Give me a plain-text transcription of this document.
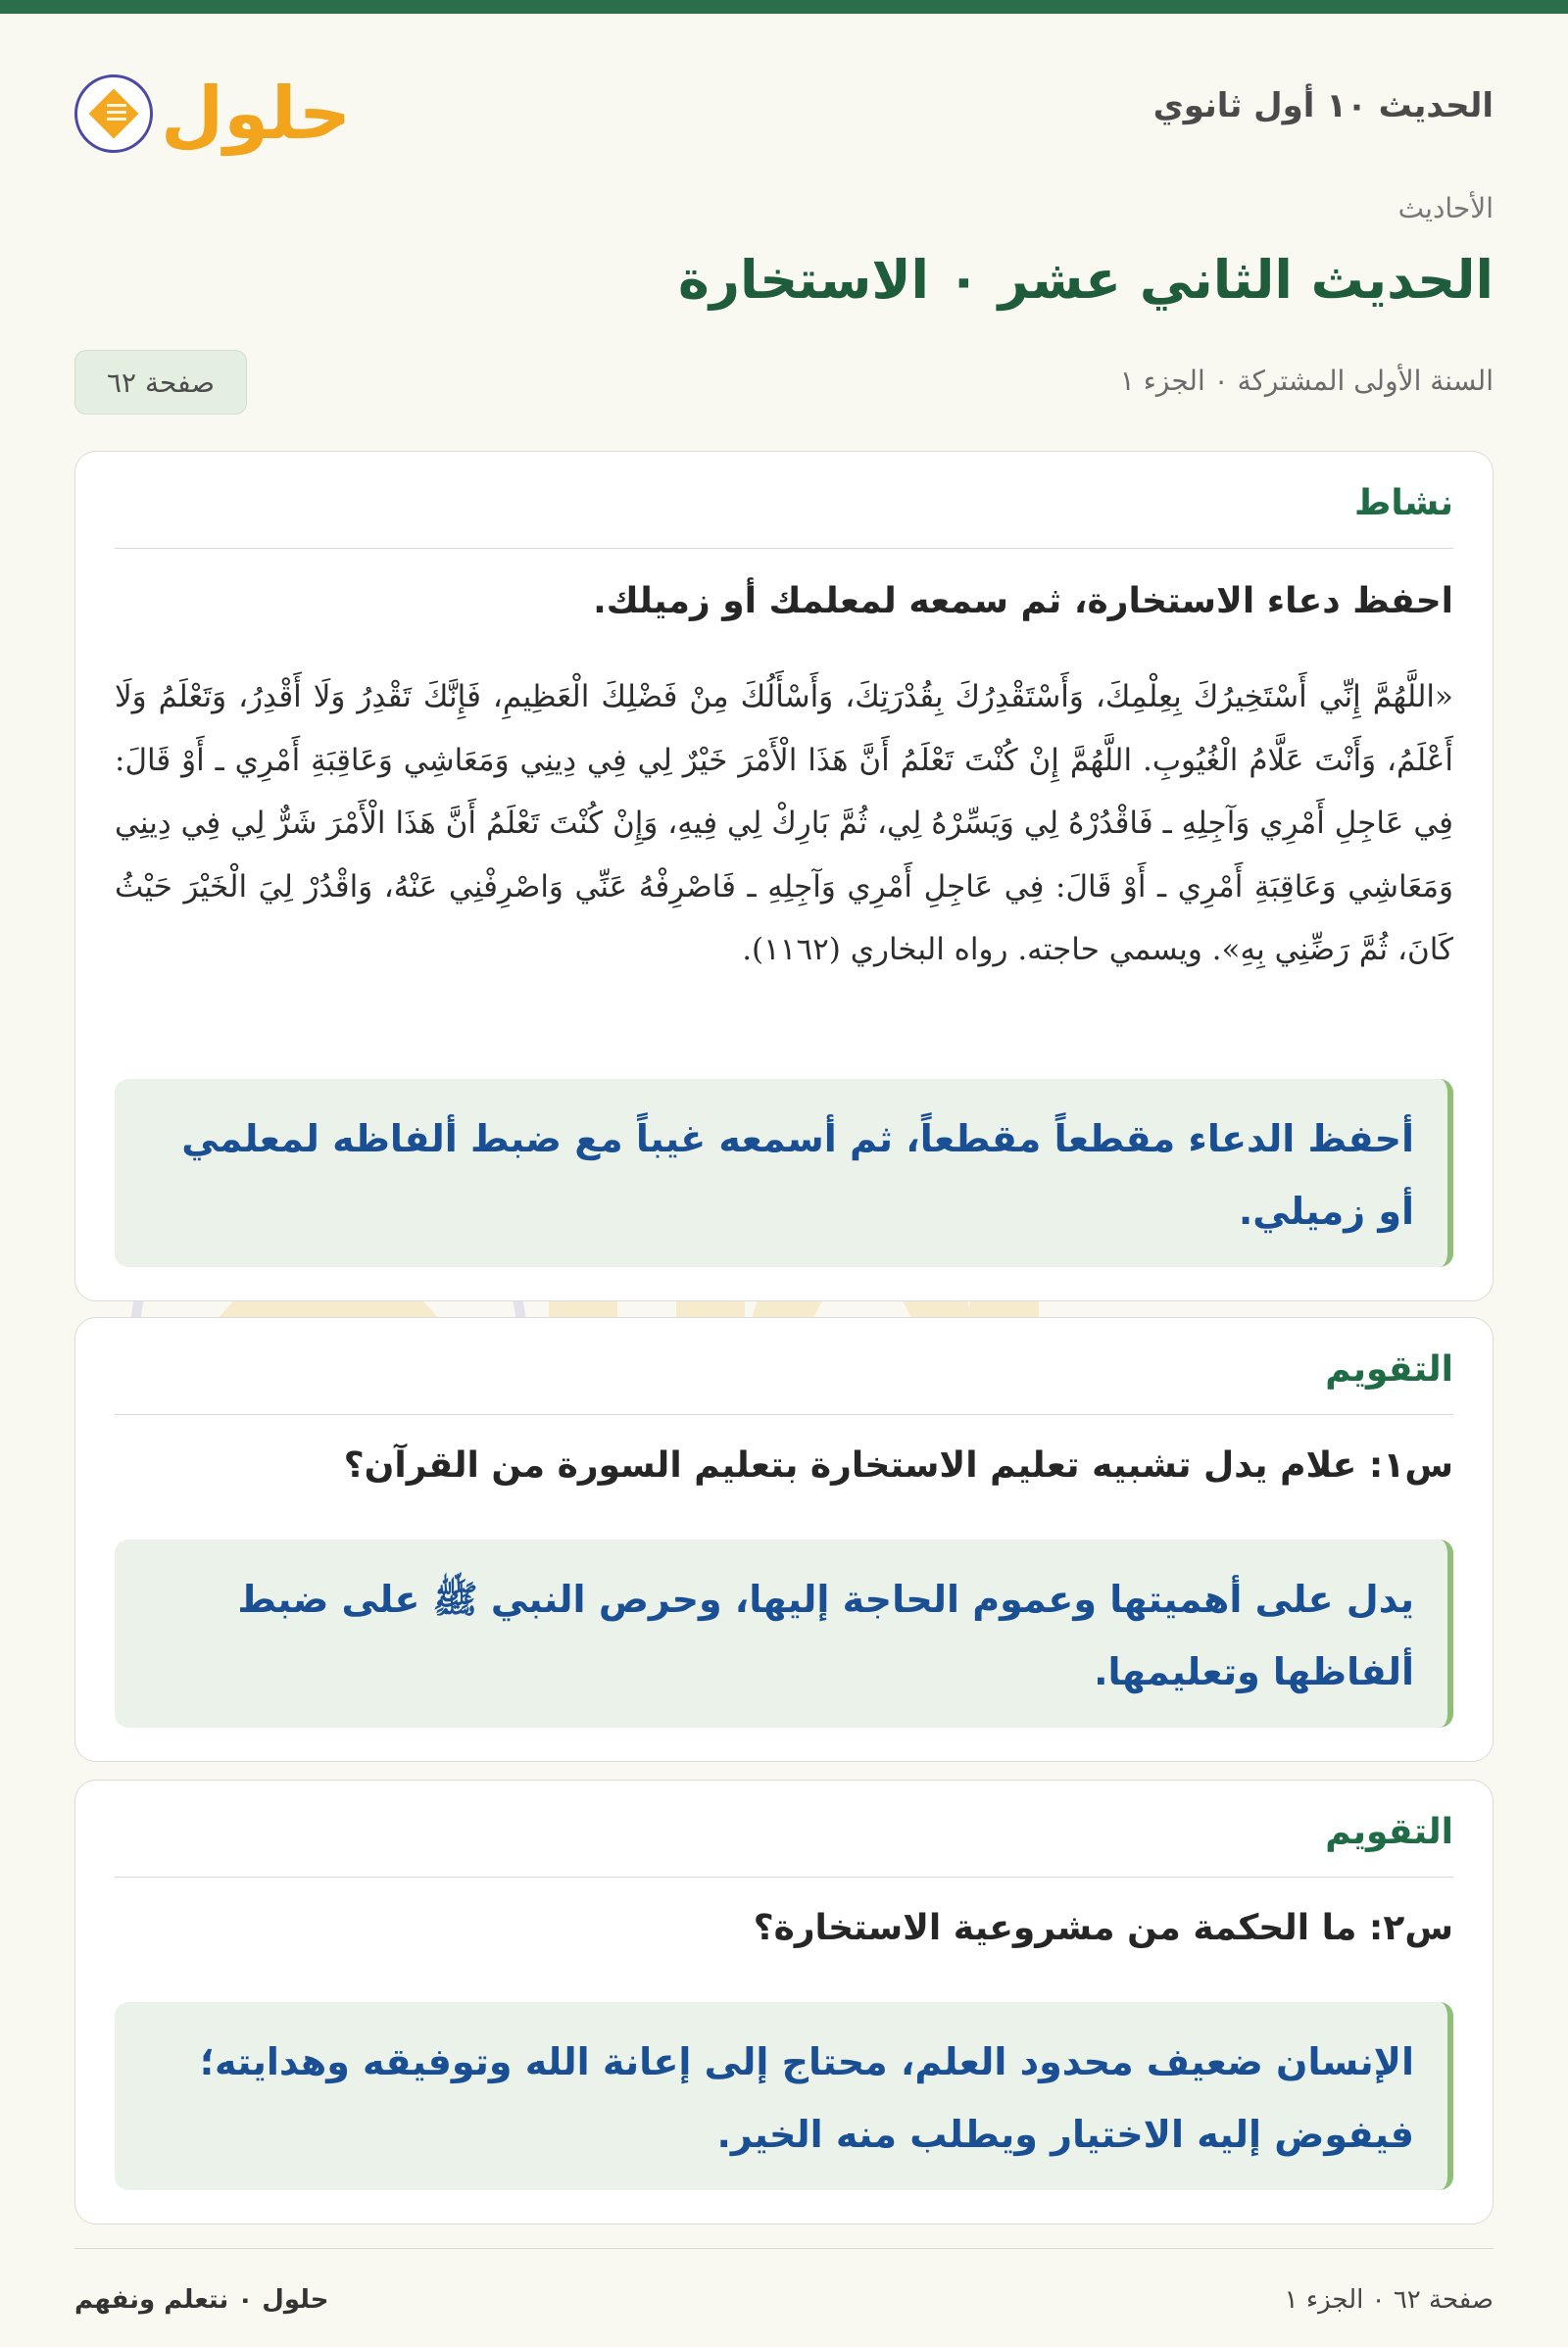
الحديث ١٠ أول ثانوي
حلول
الأحاديث
الحديث الثاني عشر ٠ الاستخارة
السنة الأولى المشتركة ٠ الجزء ١
صفحة ٦٢
نشاط
احفظ دعاء الاستخارة، ثم سمعه لمعلمك أو زميلك.
«اللَّهُمَّ إِنِّي أَسْتَخِيرُكَ بِعِلْمِكَ، وَأَسْتَقْدِرُكَ بِقُدْرَتِكَ، وَأَسْأَلُكَ مِنْ فَضْلِكَ الْعَظِيمِ، فَإِنَّكَ تَقْدِرُ وَلَا أَقْدِرُ، وَتَعْلَمُ وَلَا أَعْلَمُ، وَأَنْتَ عَلَّامُ الْغُيُوبِ. اللَّهُمَّ إِنْ كُنْتَ تَعْلَمُ أَنَّ هَذَا الْأَمْرَ خَيْرٌ لِي فِي دِينِي وَمَعَاشِي وَعَاقِبَةِ أَمْرِي ـ أَوْ قَالَ: فِي عَاجِلِ أَمْرِي وَآجِلِهِ ـ فَاقْدُرْهُ لِي وَيَسِّرْهُ لِي، ثُمَّ بَارِكْ لِي فِيهِ، وَإِنْ كُنْتَ تَعْلَمُ أَنَّ هَذَا الْأَمْرَ شَرٌّ لِي فِي دِينِي وَمَعَاشِي وَعَاقِبَةِ أَمْرِي ـ أَوْ قَالَ: فِي عَاجِلِ أَمْرِي وَآجِلِهِ ـ فَاصْرِفْهُ عَنِّي وَاصْرِفْنِي عَنْهُ، وَاقْدُرْ لِيَ الْخَيْرَ حَيْثُ كَانَ، ثُمَّ رَضِّنِي بِهِ». ويسمي حاجته. رواه البخاري (١١٦٢).
أحفظ الدعاء مقطعاً مقطعاً، ثم أسمعه غيباً مع ضبط ألفاظه لمعلمي أو زميلي.
التقويم
س١: علام يدل تشبيه تعليم الاستخارة بتعليم السورة من القرآن؟
يدل على أهميتها وعموم الحاجة إليها، وحرص النبي ﷺ على ضبط ألفاظها وتعليمها.
التقويم
س٢: ما الحكمة من مشروعية الاستخارة؟
الإنسان ضعيف محدود العلم، محتاج إلى إعانة الله وتوفيقه وهدايته؛ فيفوض إليه الاختيار ويطلب منه الخير.
صفحة ٦٢ ٠ الجزء ١
حلول ٠ نتعلم ونفهم
